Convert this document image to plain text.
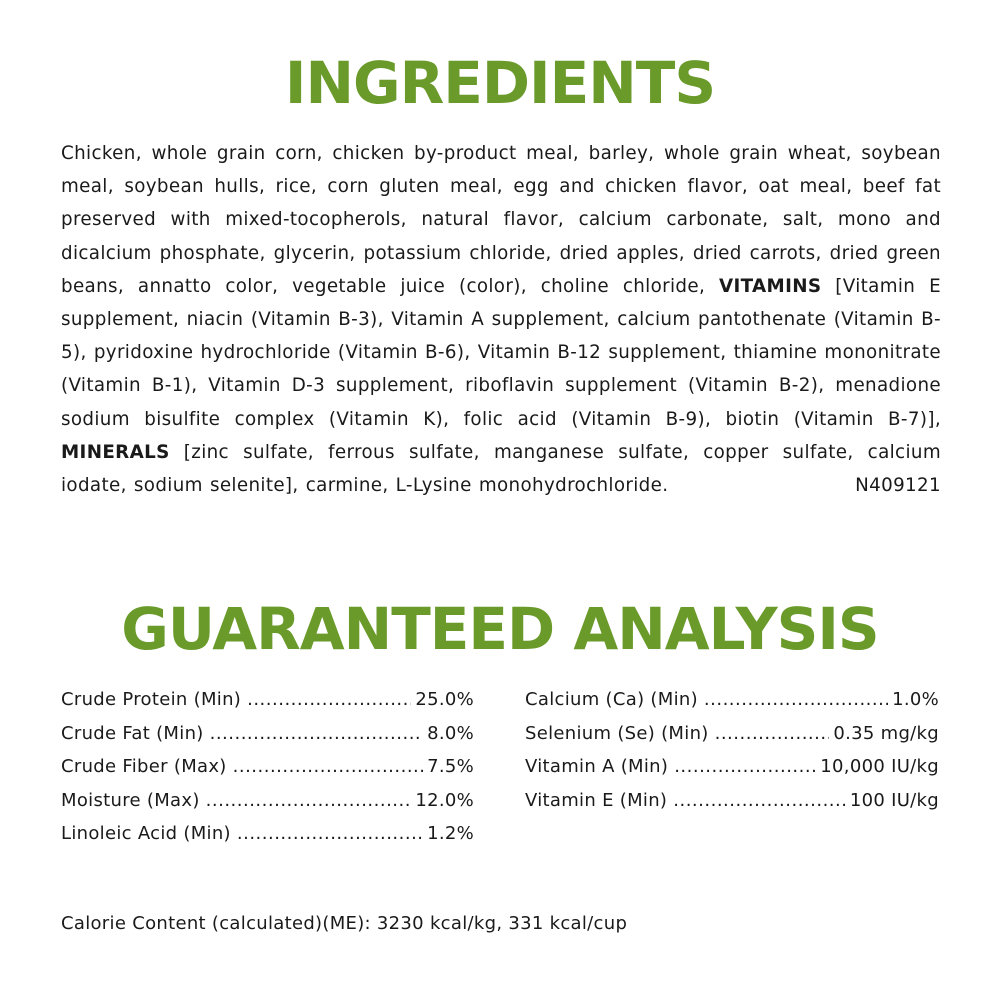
INGREDIENTS

Chicken, whole grain corn, chicken by-product meal, barley, whole grain wheat, soybean meal, soybean hulls, rice, corn gluten meal, egg and chicken flavor, oat meal, beef fat preserved with mixed-tocopherols, natural flavor, calcium carbonate, salt, mono and dicalcium phosphate, glycerin, potassium chloride, dried apples, dried carrots, dried green beans, annatto color, vegetable juice (color), choline chloride, VITAMINS [Vitamin E supplement, niacin (Vitamin B-3), Vitamin A supplement, calcium pantothenate (Vitamin B-5), pyridoxine hydrochloride (Vitamin B-6), Vitamin B-12 supplement, thiamine mononitrate (Vitamin B-1), Vitamin D-3 supplement, riboflavin supplement (Vitamin B-2), menadione sodium bisulfite complex (Vitamin K), folic acid (Vitamin B-9), biotin (Vitamin B-7)], MINERALS [zinc sulfate, ferrous sulfate, manganese sulfate, copper sulfate, calcium iodate, sodium selenite], carmine, L-Lysine monohydrochloride.	N409121

GUARANTEED ANALYSIS
Crude Protein (Min) .....	25.0%
Crude Fat (Min) .....	8.0%
Crude Fiber (Max) .....	7.5%
Moisture (Max) .....	12.0%
Linoleic Acid (Min) .....	1.2%
Calcium (Ca) (Min) .....	1.0%
Selenium (Se) (Min) .....	0.35 mg/kg
Vitamin A (Min) .....	10,000 IU/kg
Vitamin E (Min) .....	100 IU/kg

Calorie Content (calculated)(ME): 3230 kcal/kg, 331 kcal/cup
